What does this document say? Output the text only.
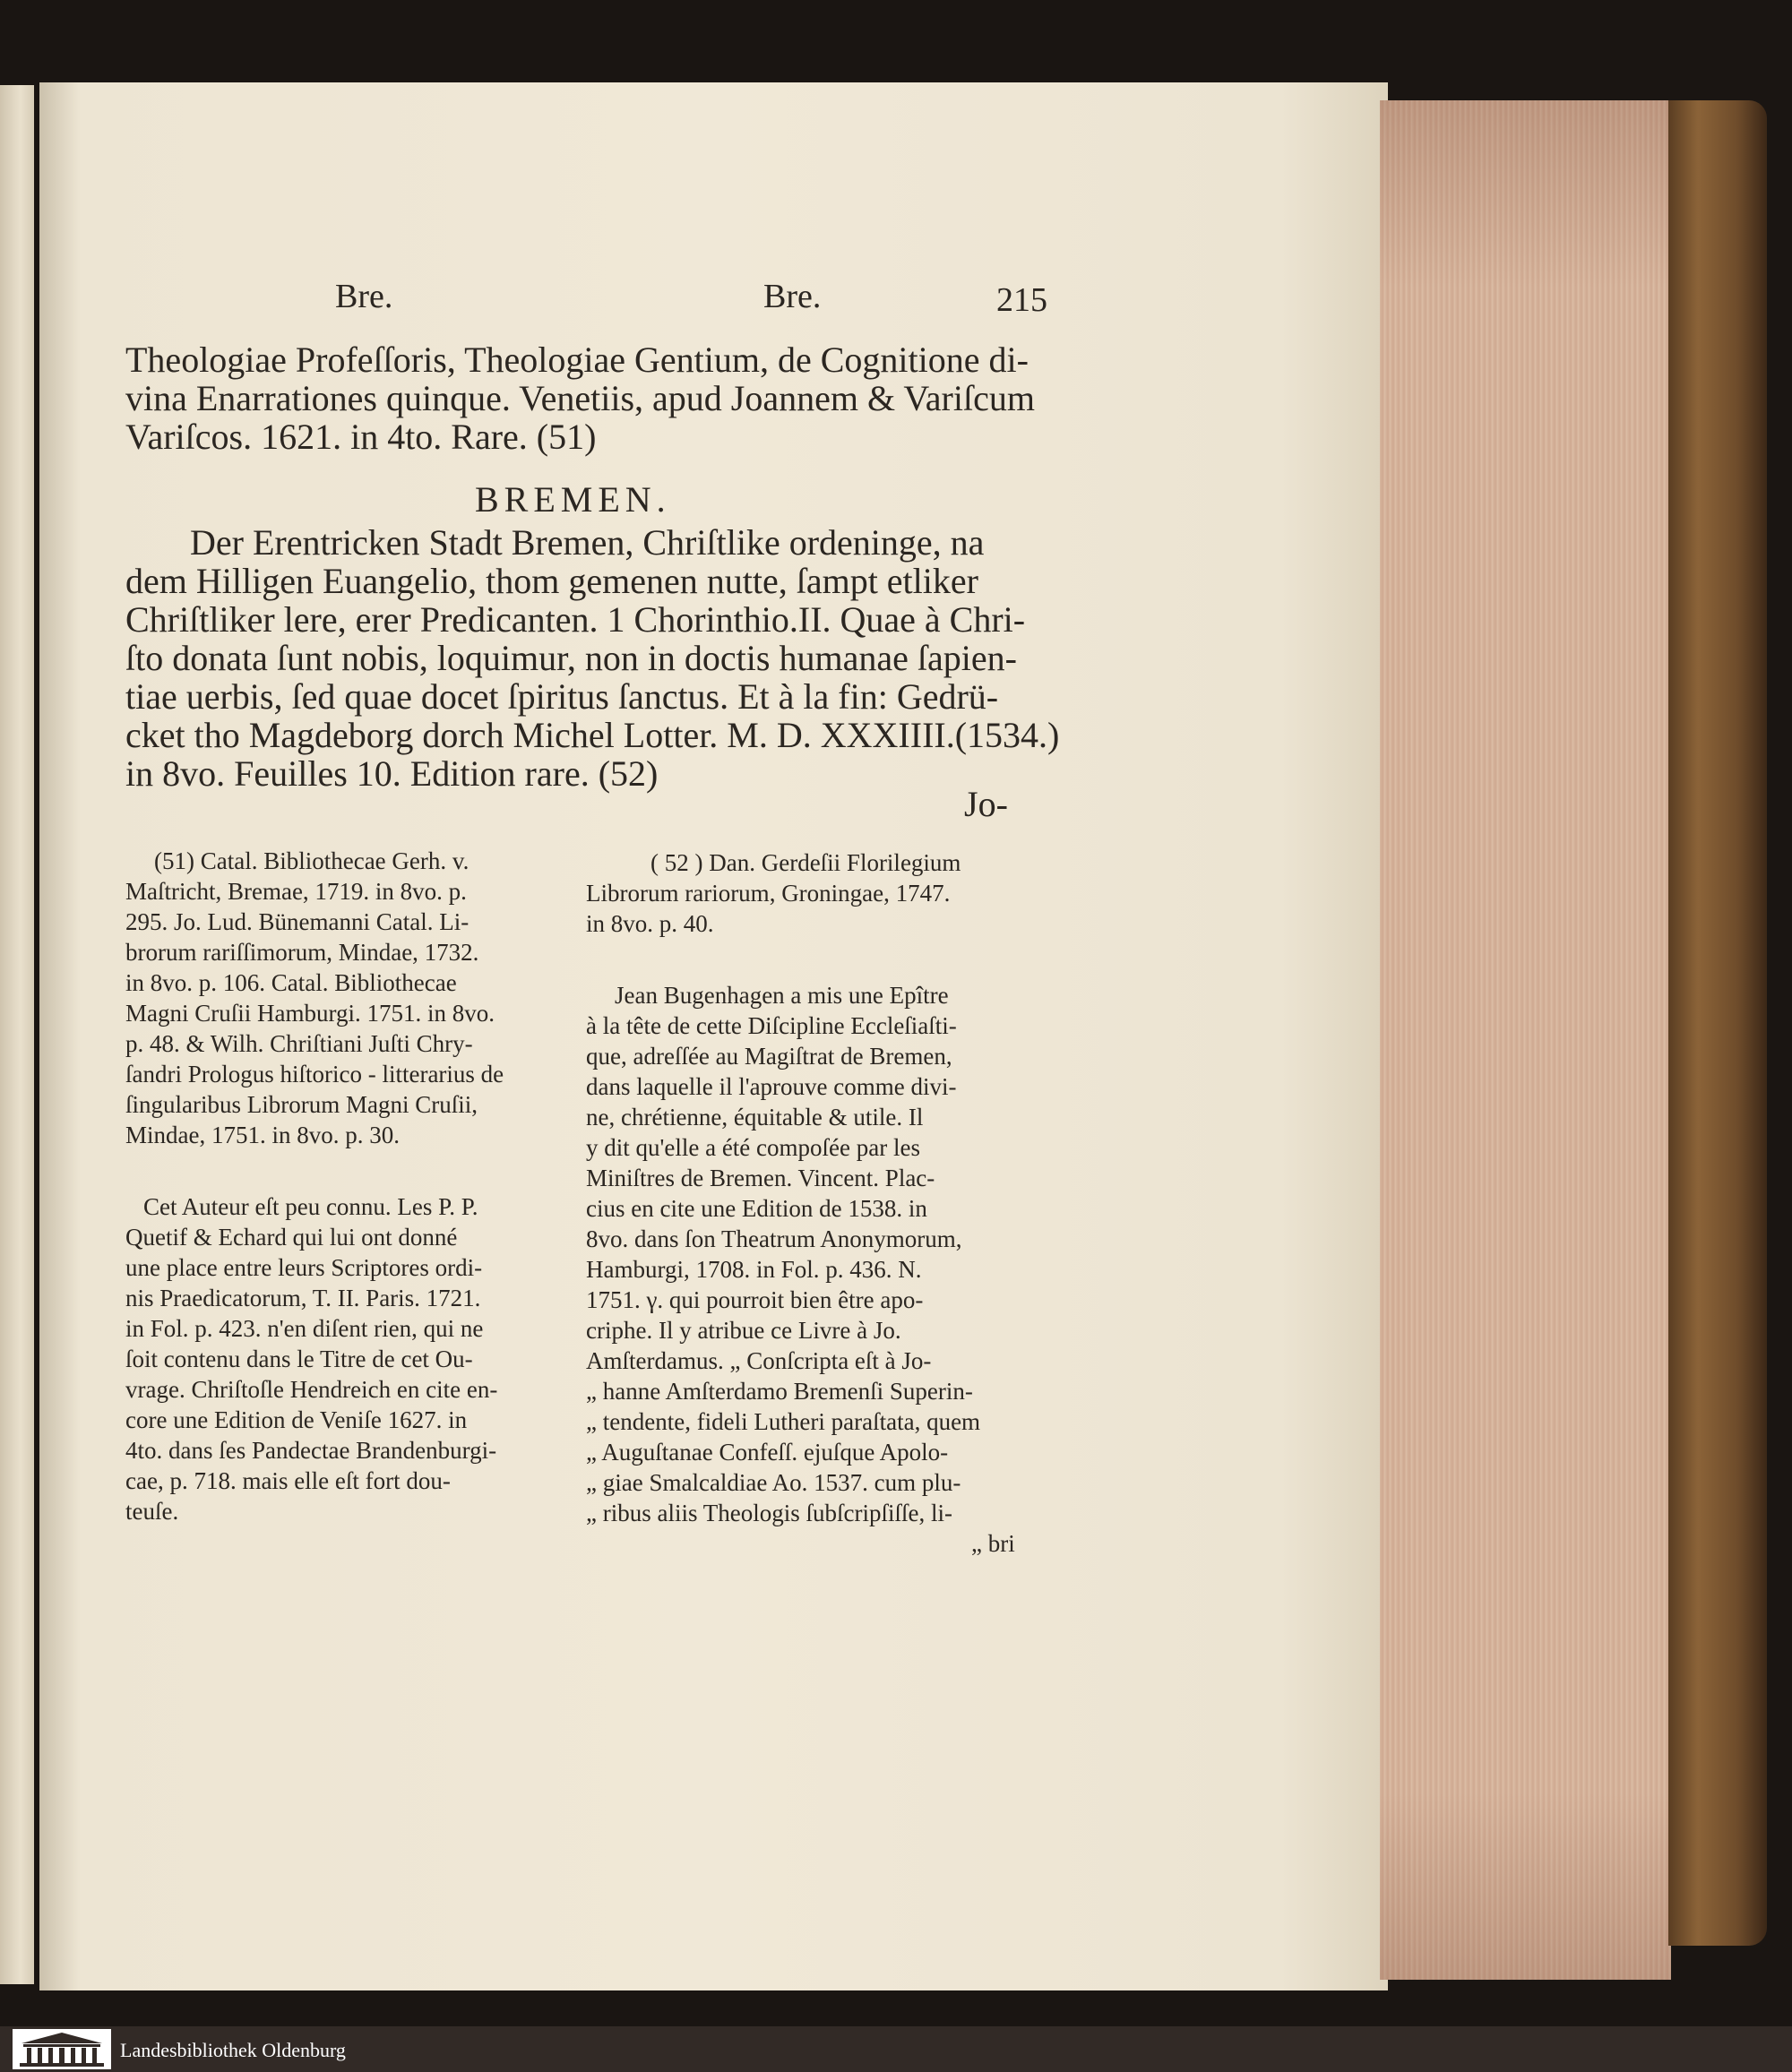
Bre.	Bre.	215
Theologiae Profeſſoris, Theologiae Gentium, de Cognitione di-
vina Enarrationes quinque. Venetiis, apud Joannem & Variſcum
Variſcos. 1621. in 4to. Rare. (51)
BREMEN.
Der Erentricken Stadt Bremen, Chriſtlike ordeninge, na
dem Hilligen Euangelio, thom gemenen nutte, ſampt etliker
Chriſtliker lere, erer Predicanten. 1 Chorinthio.II. Quae à Chri-
ſto donata ſunt nobis, loquimur, non in doctis humanae ſapien-
tiae uerbis, ſed quae docet ſpiritus ſanctus. Et à la fin: Gedrü-
cket tho Magdeborg dorch Michel Lotter. M. D. XXXIIII.(1534.)
in 8vo. Feuilles 10. Edition rare. (52)
Jo-
(51) Catal. Bibliothecae Gerh. v.
Maſtricht, Bremae, 1719. in 8vo. p.
295. Jo. Lud. Bünemanni Catal. Li-
brorum rariſſimorum, Mindae, 1732.
in 8vo. p. 106. Catal. Bibliothecae
Magni Cruſii Hamburgi. 1751. in 8vo.
p. 48. & Wilh. Chriſtiani Juſti Chry-
ſandri Prologus hiſtorico - litterarius de
ſingularibus Librorum Magni Cruſii,
Mindae, 1751. in 8vo. p. 30.
Cet Auteur eſt peu connu. Les P. P.
Quetif & Echard qui lui ont donné
une place entre leurs Scriptores ordi-
nis Praedicatorum, T. II. Paris. 1721.
in Fol. p. 423. n'en diſent rien, qui ne
ſoit contenu dans le Titre de cet Ou-
vrage. Chriſtoſle Hendreich en cite en-
core une Edition de Veniſe 1627. in
4to. dans ſes Pandectae Brandenburgi-
cae, p. 718. mais elle eſt fort dou-
teuſe.
( 52 ) Dan. Gerdeſii Florilegium
Librorum rariorum, Groningae, 1747.
in 8vo. p. 40.
Jean Bugenhagen a mis une Epître
à la tête de cette Diſcipline Eccleſiaſti-
que, adreſſée au Magiſtrat de Bremen,
dans laquelle il l'aprouve comme divi-
ne, chrétienne, équitable & utile. Il
y dit qu'elle a été compoſée par les
Miniſtres de Bremen. Vincent. Plac-
cius en cite une Edition de 1538. in
8vo. dans ſon Theatrum Anonymorum,
Hamburgi, 1708. in Fol. p. 436. N.
1751. γ. qui pourroit bien être apo-
criphe. Il y atribue ce Livre à Jo.
Amſterdamus. „ Conſcripta eſt à Jo-
„ hanne Amſterdamo Bremenſi Superin-
„ tendente, fideli Lutheri paraſtata, quem
„ Auguſtanae Confeſſ. ejuſque Apolo-
„ giae Smalcaldiae Ao. 1537. cum plu-
„ ribus aliis Theologis ſubſcripſiſſe, li-
„ bri
Landesbibliothek Oldenburg
